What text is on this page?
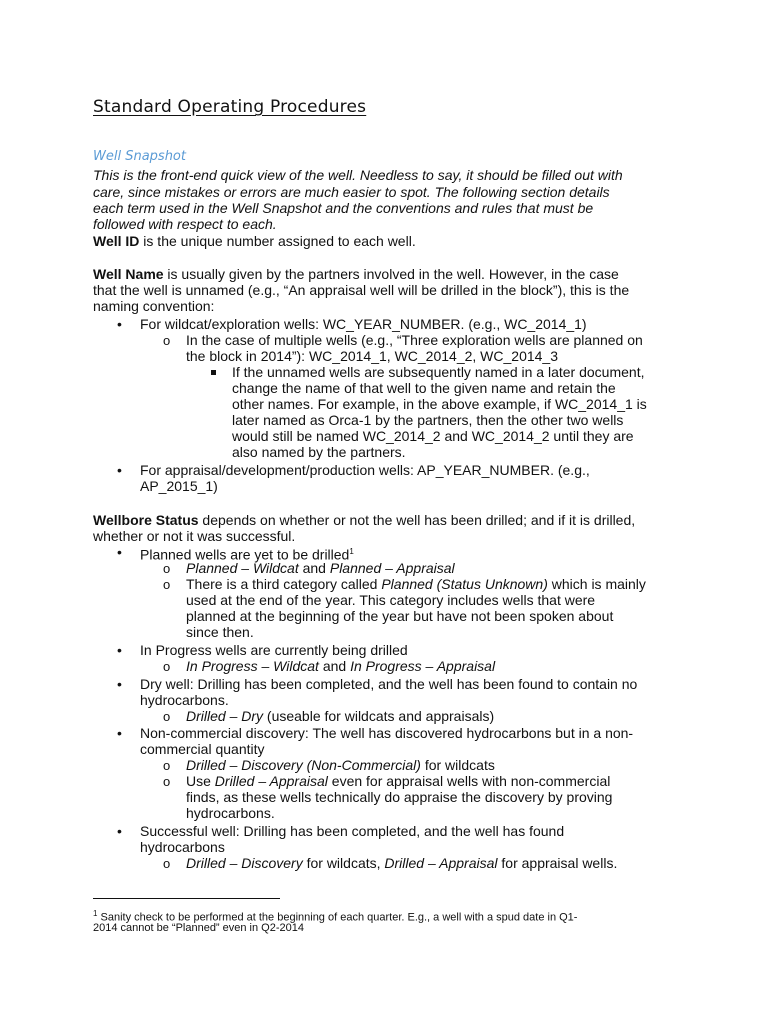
Standard Operating Procedures
Well Snapshot
This is the front-end quick view of the well. Needless to say, it should be filled out with
care, since mistakes or errors are much easier to spot. The following section details
each term used in the Well Snapshot and the conventions and rules that must be
followed with respect to each.
Well ID is the unique number assigned to each well.
Well Name is usually given by the partners involved in the well. However, in the case
that the well is unnamed (e.g., “An appraisal well will be drilled in the block”), this is the
naming convention:
• For wildcat/exploration wells: WC_YEAR_NUMBER. (e.g., WC_2014_1)
o In the case of multiple wells (e.g., “Three exploration wells are planned on
the block in 2014”): WC_2014_1, WC_2014_2, WC_2014_3
If the unnamed wells are subsequently named in a later document,
change the name of that well to the given name and retain the
other names. For example, in the above example, if WC_2014_1 is
later named as Orca-1 by the partners, then the other two wells
would still be named WC_2014_2 and WC_2014_2 until they are
also named by the partners.
• For appraisal/development/production wells: AP_YEAR_NUMBER. (e.g.,
AP_2015_1)
Wellbore Status depends on whether or not the well has been drilled; and if it is drilled,
whether or not it was successful.
• Planned wells are yet to be drilled$^1$
o Planned – Wildcat and Planned – Appraisal
o There is a third category called Planned (Status Unknown) which is mainly
used at the end of the year. This category includes wells that were
planned at the beginning of the year but have not been spoken about
since then.
• In Progress wells are currently being drilled
o In Progress – Wildcat and In Progress – Appraisal
• Dry well: Drilling has been completed, and the well has been found to contain no
hydrocarbons.
o Drilled – Dry (useable for wildcats and appraisals)
• Non-commercial discovery: The well has discovered hydrocarbons but in a non-
commercial quantity
o Drilled – Discovery (Non-Commercial) for wildcats
o Use Drilled – Appraisal even for appraisal wells with non-commercial
finds, as these wells technically do appraise the discovery by proving
hydrocarbons.
• Successful well: Drilling has been completed, and the well has found
hydrocarbons
o Drilled – Discovery for wildcats, Drilled – Appraisal for appraisal wells.
$^1$ Sanity check to be performed at the beginning of each quarter. E.g., a well with a spud date in Q1-
2014 cannot be “Planned” even in Q2-2014
